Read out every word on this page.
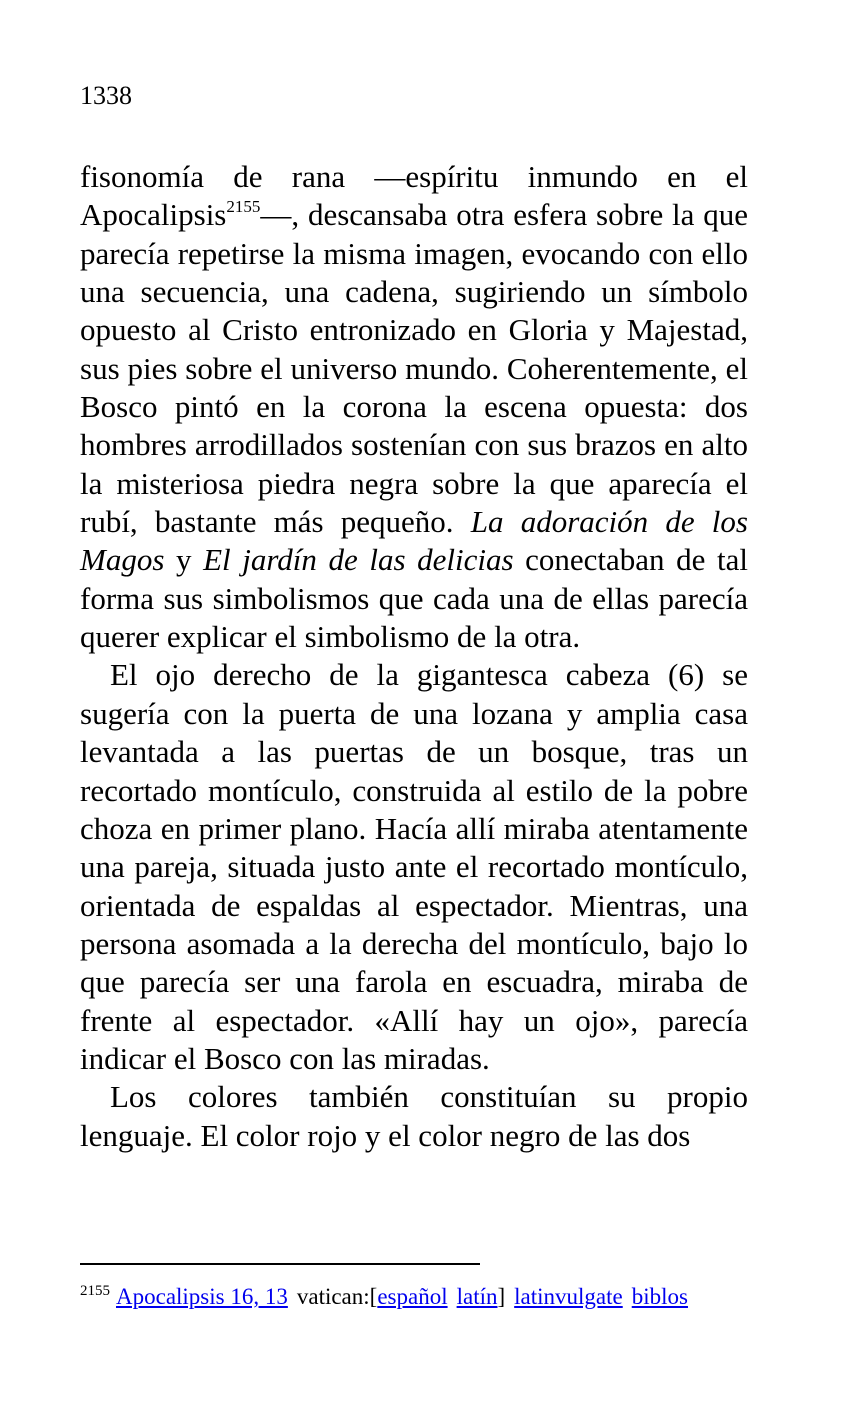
1338

fisonomía de rana —espíritu inmundo en el Apocalipsis$^{2155}$—, descansaba otra esfera sobre la que parecía repetirse la misma imagen, evocando con ello una secuencia, una cadena, sugiriendo un símbolo opuesto al Cristo entronizado en Gloria y Majestad, sus pies sobre el universo mundo. Coherentemente, el Bosco pintó en la corona la escena opuesta: dos hombres arrodillados sostenían con sus brazos en alto la misteriosa piedra negra sobre la que aparecía el rubí, bastante más pequeño. La adoración de los Magos y El jardín de las delicias conectaban de tal forma sus simbolismos que cada una de ellas parecía querer explicar el simbolismo de la otra.

El ojo derecho de la gigantesca cabeza (6) se sugería con la puerta de una lozana y amplia casa levantada a las puertas de un bosque, tras un recortado montículo, construida al estilo de la pobre choza en primer plano. Hacía allí miraba atentamente una pareja, situada justo ante el recortado montículo, orientada de espaldas al espectador. Mientras, una persona asomada a la derecha del montículo, bajo lo que parecía ser una farola en escuadra, miraba de frente al espectador. «Allí hay un ojo», parecía indicar el Bosco con las miradas.

Los colores también constituían su propio lenguaje. El color rojo y el color negro de las dos

$^{2155}$ Apocalipsis 16, 13 vatican:[español latín] latinvulgate biblos
